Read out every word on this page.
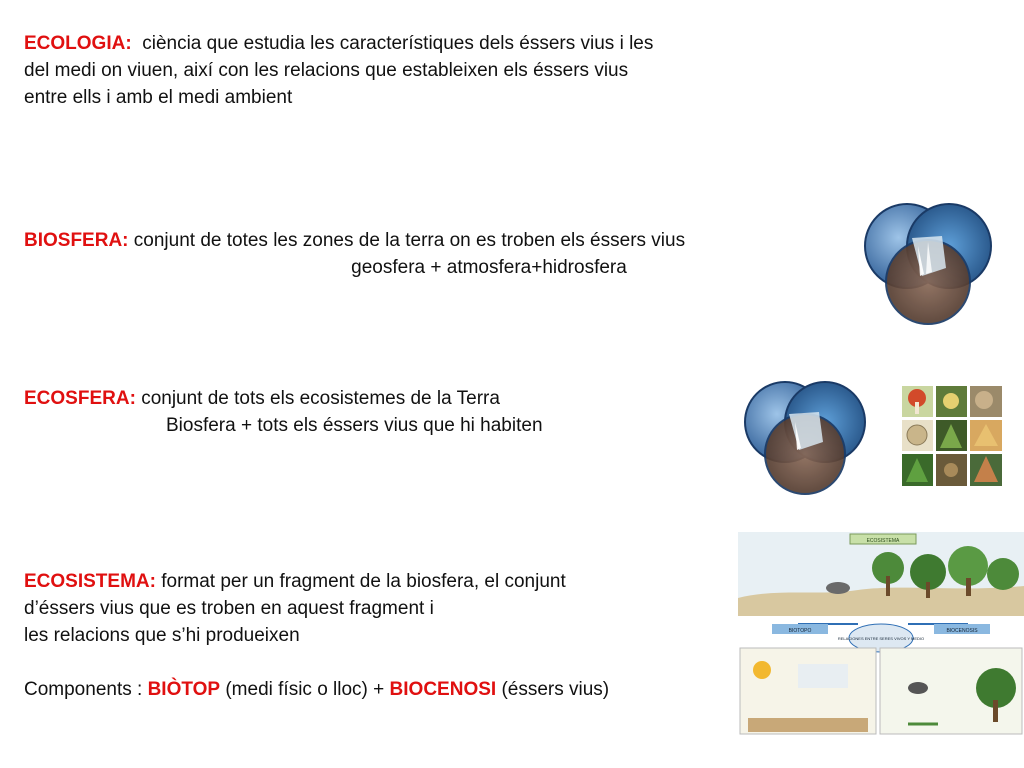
ECOLOGIA: ciència que estudia les característiques dels éssers vius i les
del medi on viuen, així con les relacions que estableixen els éssers vius
entre ells i amb el medi ambient
BIOSFERA: conjunt de totes les zones de la terra on es troben els éssers vius
geosfera + atmosfera+hidrosfera
ECOSFERA: conjunt de tots els ecosistemes de la Terra
Biosfera + tots els éssers vius que hi habiten
ECOSISTEMA: format per un fragment de la biosfera, el conjunt
d’éssers vius que es troben en aquest fragment i
les relacions que s’hi produeixen
Components : BIÒTOP (medi físic o lloc) + BIOCENOSI (éssers vius)
ECOSISTEMA
BIOTOPO	BIOCENOSIS
RELACIONES ENTRE SERES VIVOS Y MEDIO
